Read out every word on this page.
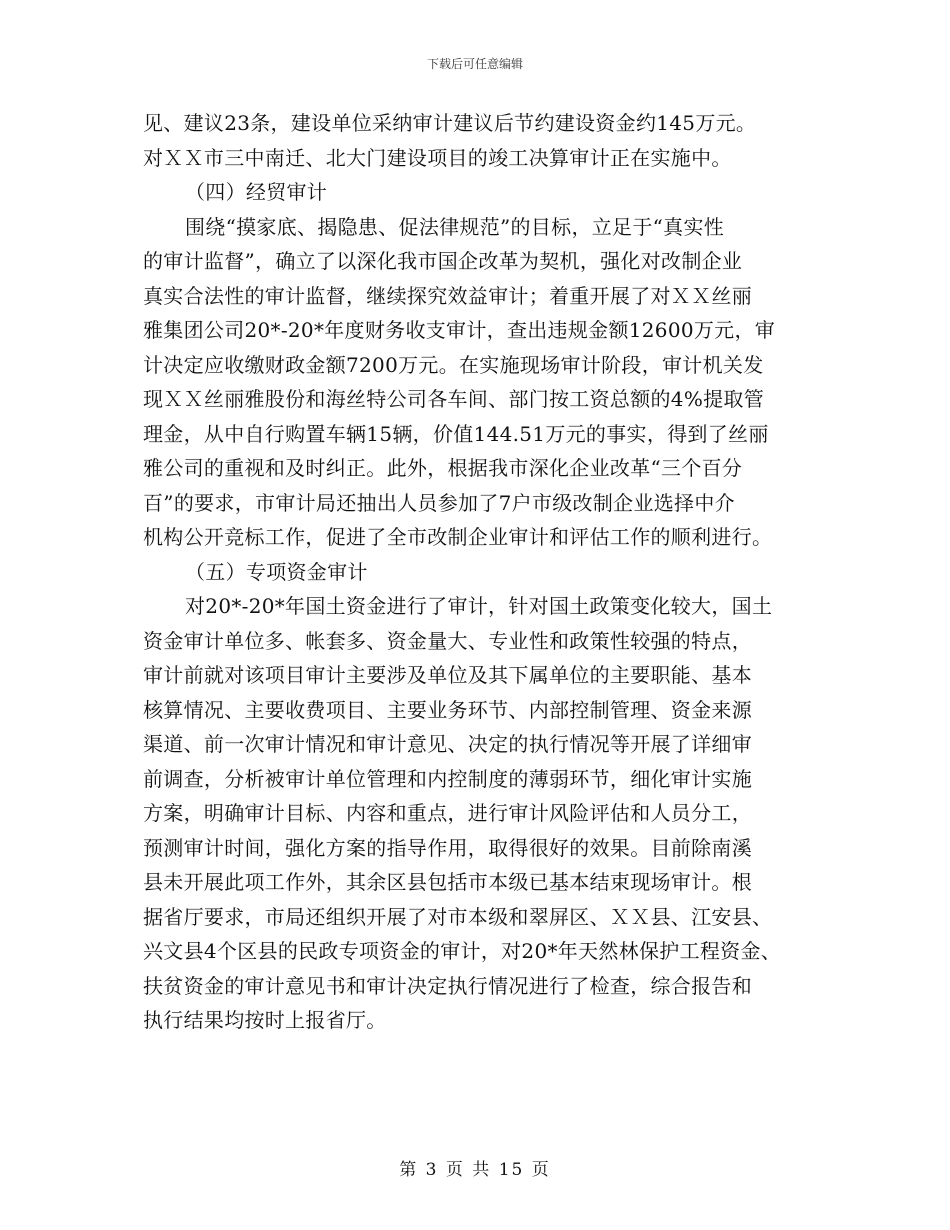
下载后可任意编辑
见、建议23条，建设单位采纳审计建议后节约建设资金约145万元。
对ＸＸ市三中南迁、北大门建设项目的竣工决算审计正在实施中。
（四）经贸审计
围绕“摸家底、揭隐患、促法律规范”的目标，立足于“真实性
的审计监督”，确立了以深化我市国企改革为契机，强化对改制企业
真实合法性的审计监督，继续探究效益审计；着重开展了对ＸＸ丝丽
雅集团公司20*-20*年度财务收支审计，查出违规金额12600万元，审
计决定应收缴财政金额7200万元。在实施现场审计阶段，审计机关发
现ＸＸ丝丽雅股份和海丝特公司各车间、部门按工资总额的4%提取管
理金，从中自行购置车辆15辆，价值144.51万元的事实，得到了丝丽
雅公司的重视和及时纠正。此外，根据我市深化企业改革“三个百分
百”的要求，市审计局还抽出人员参加了7户市级改制企业选择中介
机构公开竞标工作，促进了全市改制企业审计和评估工作的顺利进行。
（五）专项资金审计
对20*-20*年国土资金进行了审计，针对国土政策变化较大，国土
资金审计单位多、帐套多、资金量大、专业性和政策性较强的特点，
审计前就对该项目审计主要涉及单位及其下属单位的主要职能、基本
核算情况、主要收费项目、主要业务环节、内部控制管理、资金来源
渠道、前一次审计情况和审计意见、决定的执行情况等开展了详细审
前调查，分析被审计单位管理和内控制度的薄弱环节，细化审计实施
方案，明确审计目标、内容和重点，进行审计风险评估和人员分工，
预测审计时间，强化方案的指导作用，取得很好的效果。目前除南溪
县未开展此项工作外，其余区县包括市本级已基本结束现场审计。根
据省厅要求，市局还组织开展了对市本级和翠屏区、ＸＸ县、江安县、
兴文县4个区县的民政专项资金的审计，对20*年天然林保护工程资金、
扶贫资金的审计意见书和审计决定执行情况进行了检查，综合报告和
执行结果均按时上报省厅。
第 3 页 共 15 页
